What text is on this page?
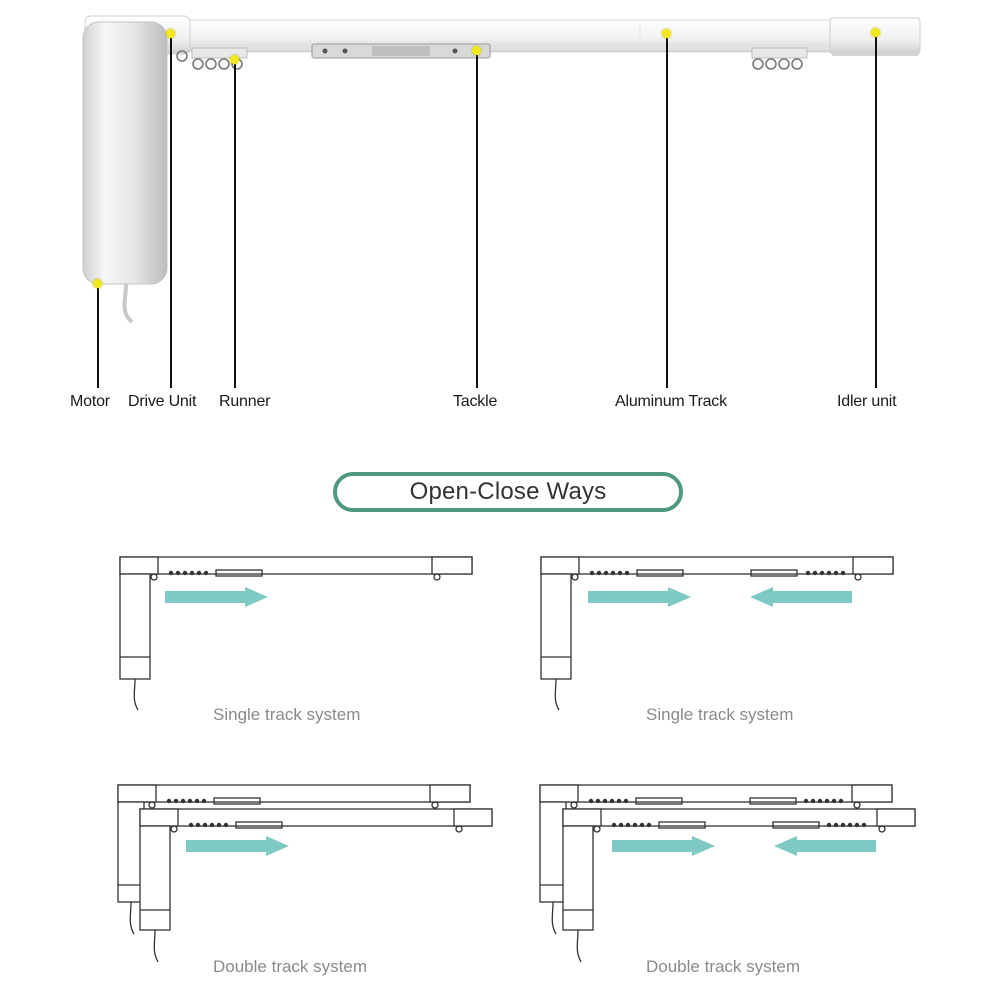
Motor Drive Unit Runner	Tackle	Aluminum Track	Idler unit
Open-Close Ways
Single track system	Single track system
Double track system	Double track system
